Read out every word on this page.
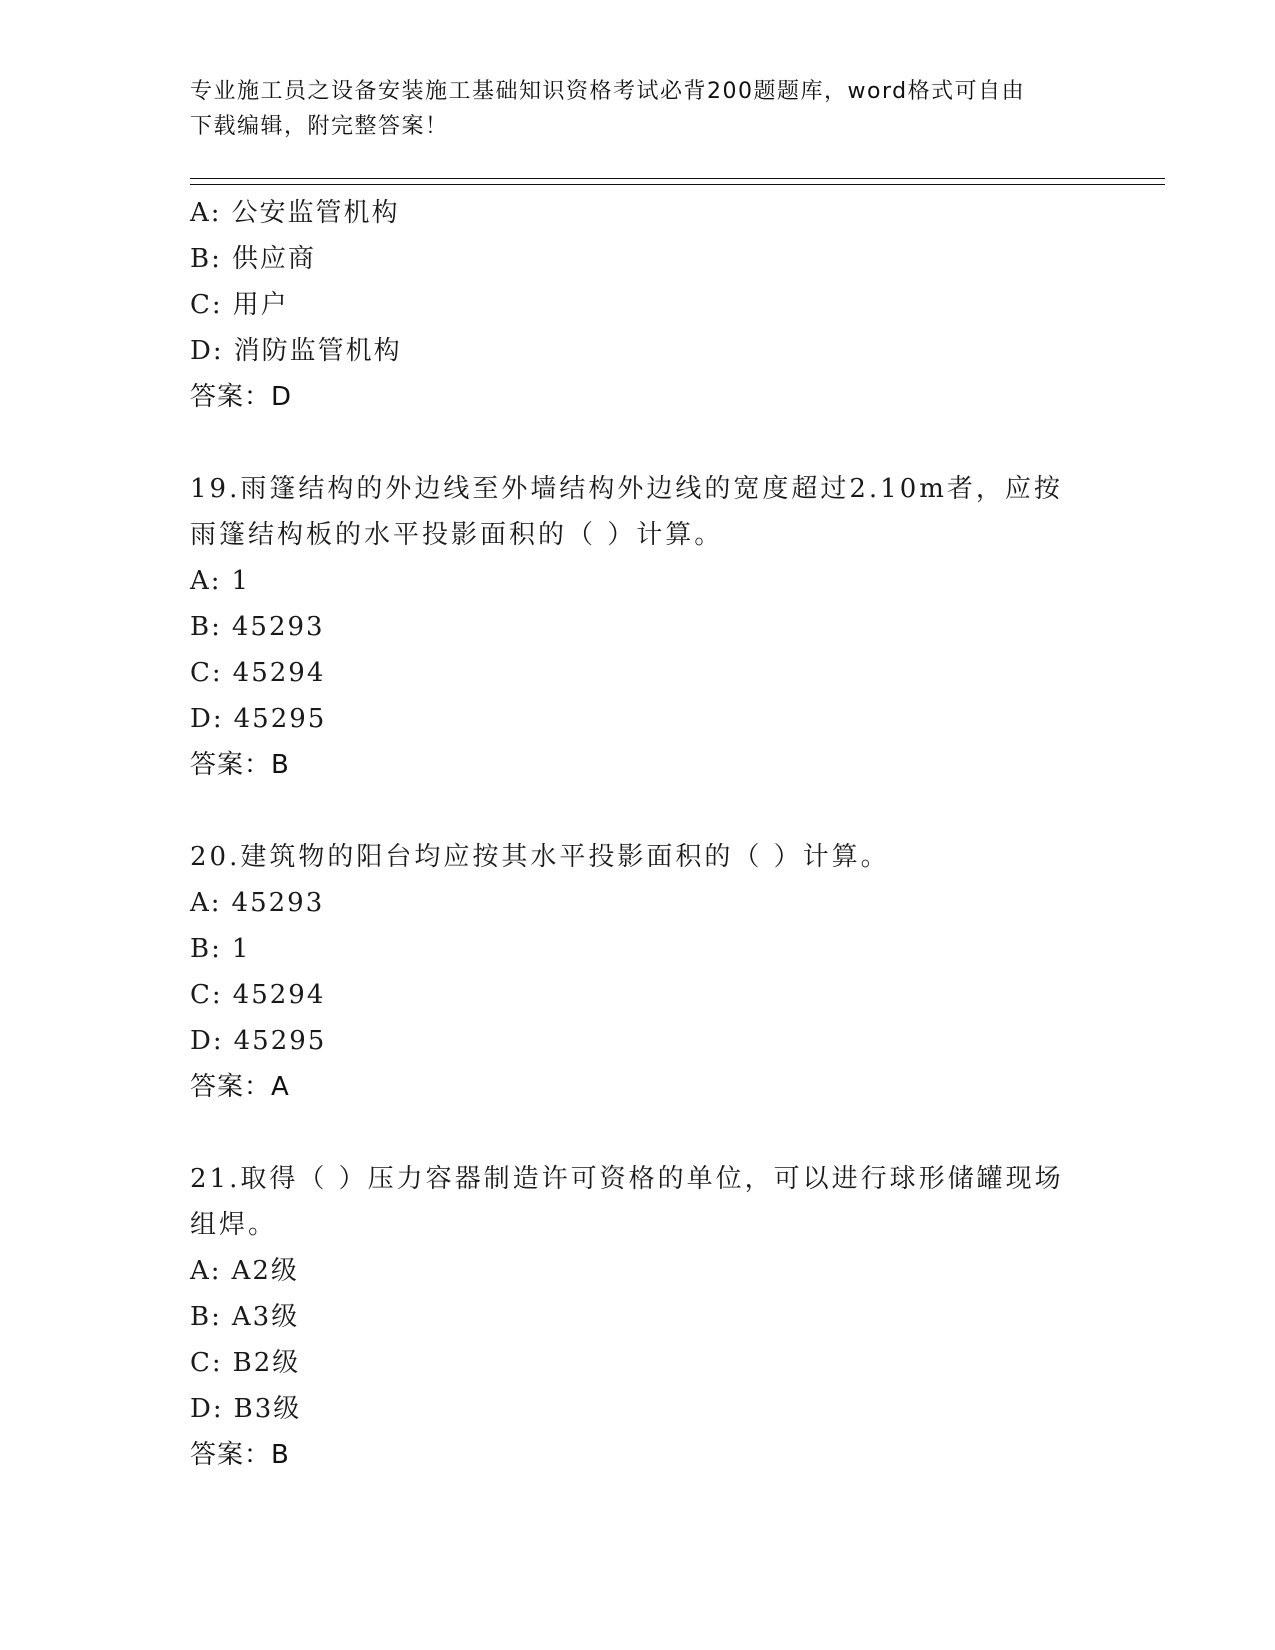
专业施工员之设备安装施工基础知识资格考试必背200题题库，word格式可自由
下载编辑，附完整答案！
A: 公安监管机构
B: 供应商
C: 用户
D: 消防监管机构
答案：D
19.雨篷结构的外边线至外墙结构外边线的宽度超过2.10m者，应按雨篷结构板的水平投影面积的（ ）计算。
A: 1
B: 45293
C: 45294
D: 45295
答案：B
20.建筑物的阳台均应按其水平投影面积的（ ）计算。
A: 45293
B: 1
C: 45294
D: 45295
答案：A
21.取得（ ）压力容器制造许可资格的单位，可以进行球形储罐现场组焊。
A: A2级
B: A3级
C: B2级
D: B3级
答案：B
